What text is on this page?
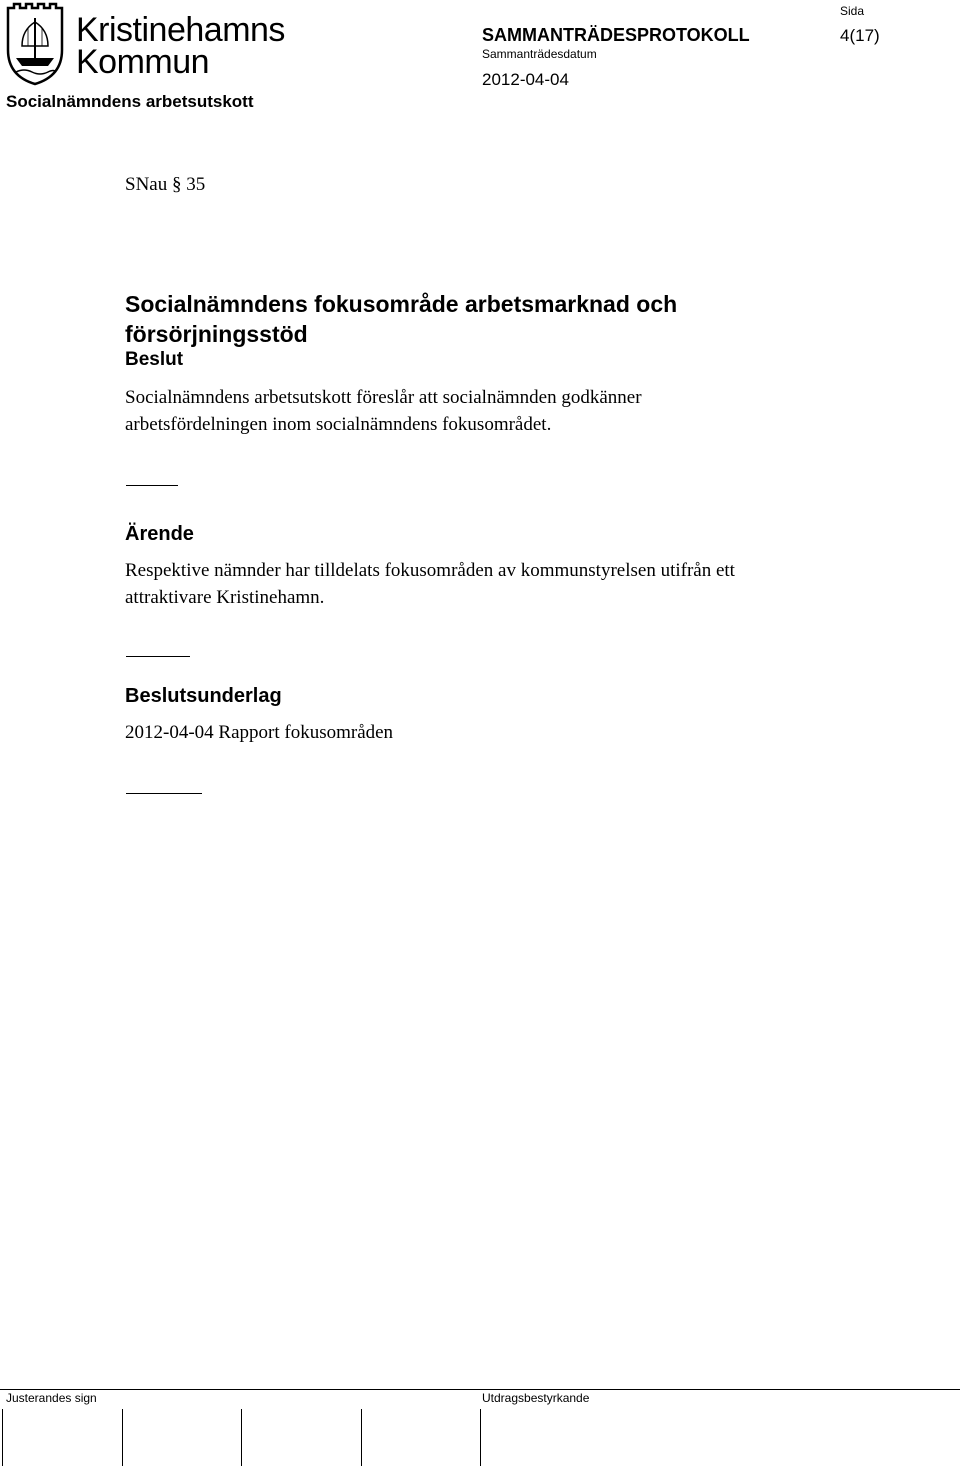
Kristinehamns
Kommun
Socialnämndens arbetsutskott
SAMMANTRÄDESPROTOKOLL
Sammanträdesdatum
2012-04-04
Sida
4(17)
SNau § 35
Socialnämndens fokusområde arbetsmarknad och
försörjningsstöd
Beslut
Socialnämndens arbetsutskott föreslår att socialnämnden godkänner
arbetsfördelningen inom socialnämndens fokusområdet.
Ärende
Respektive nämnder har tilldelats fokusområden av kommunstyrelsen utifrån ett
attraktivare Kristinehamn.
Beslutsunderlag
2012-04-04 Rapport fokusområden
Justerandes sign	Utdragsbestyrkande
